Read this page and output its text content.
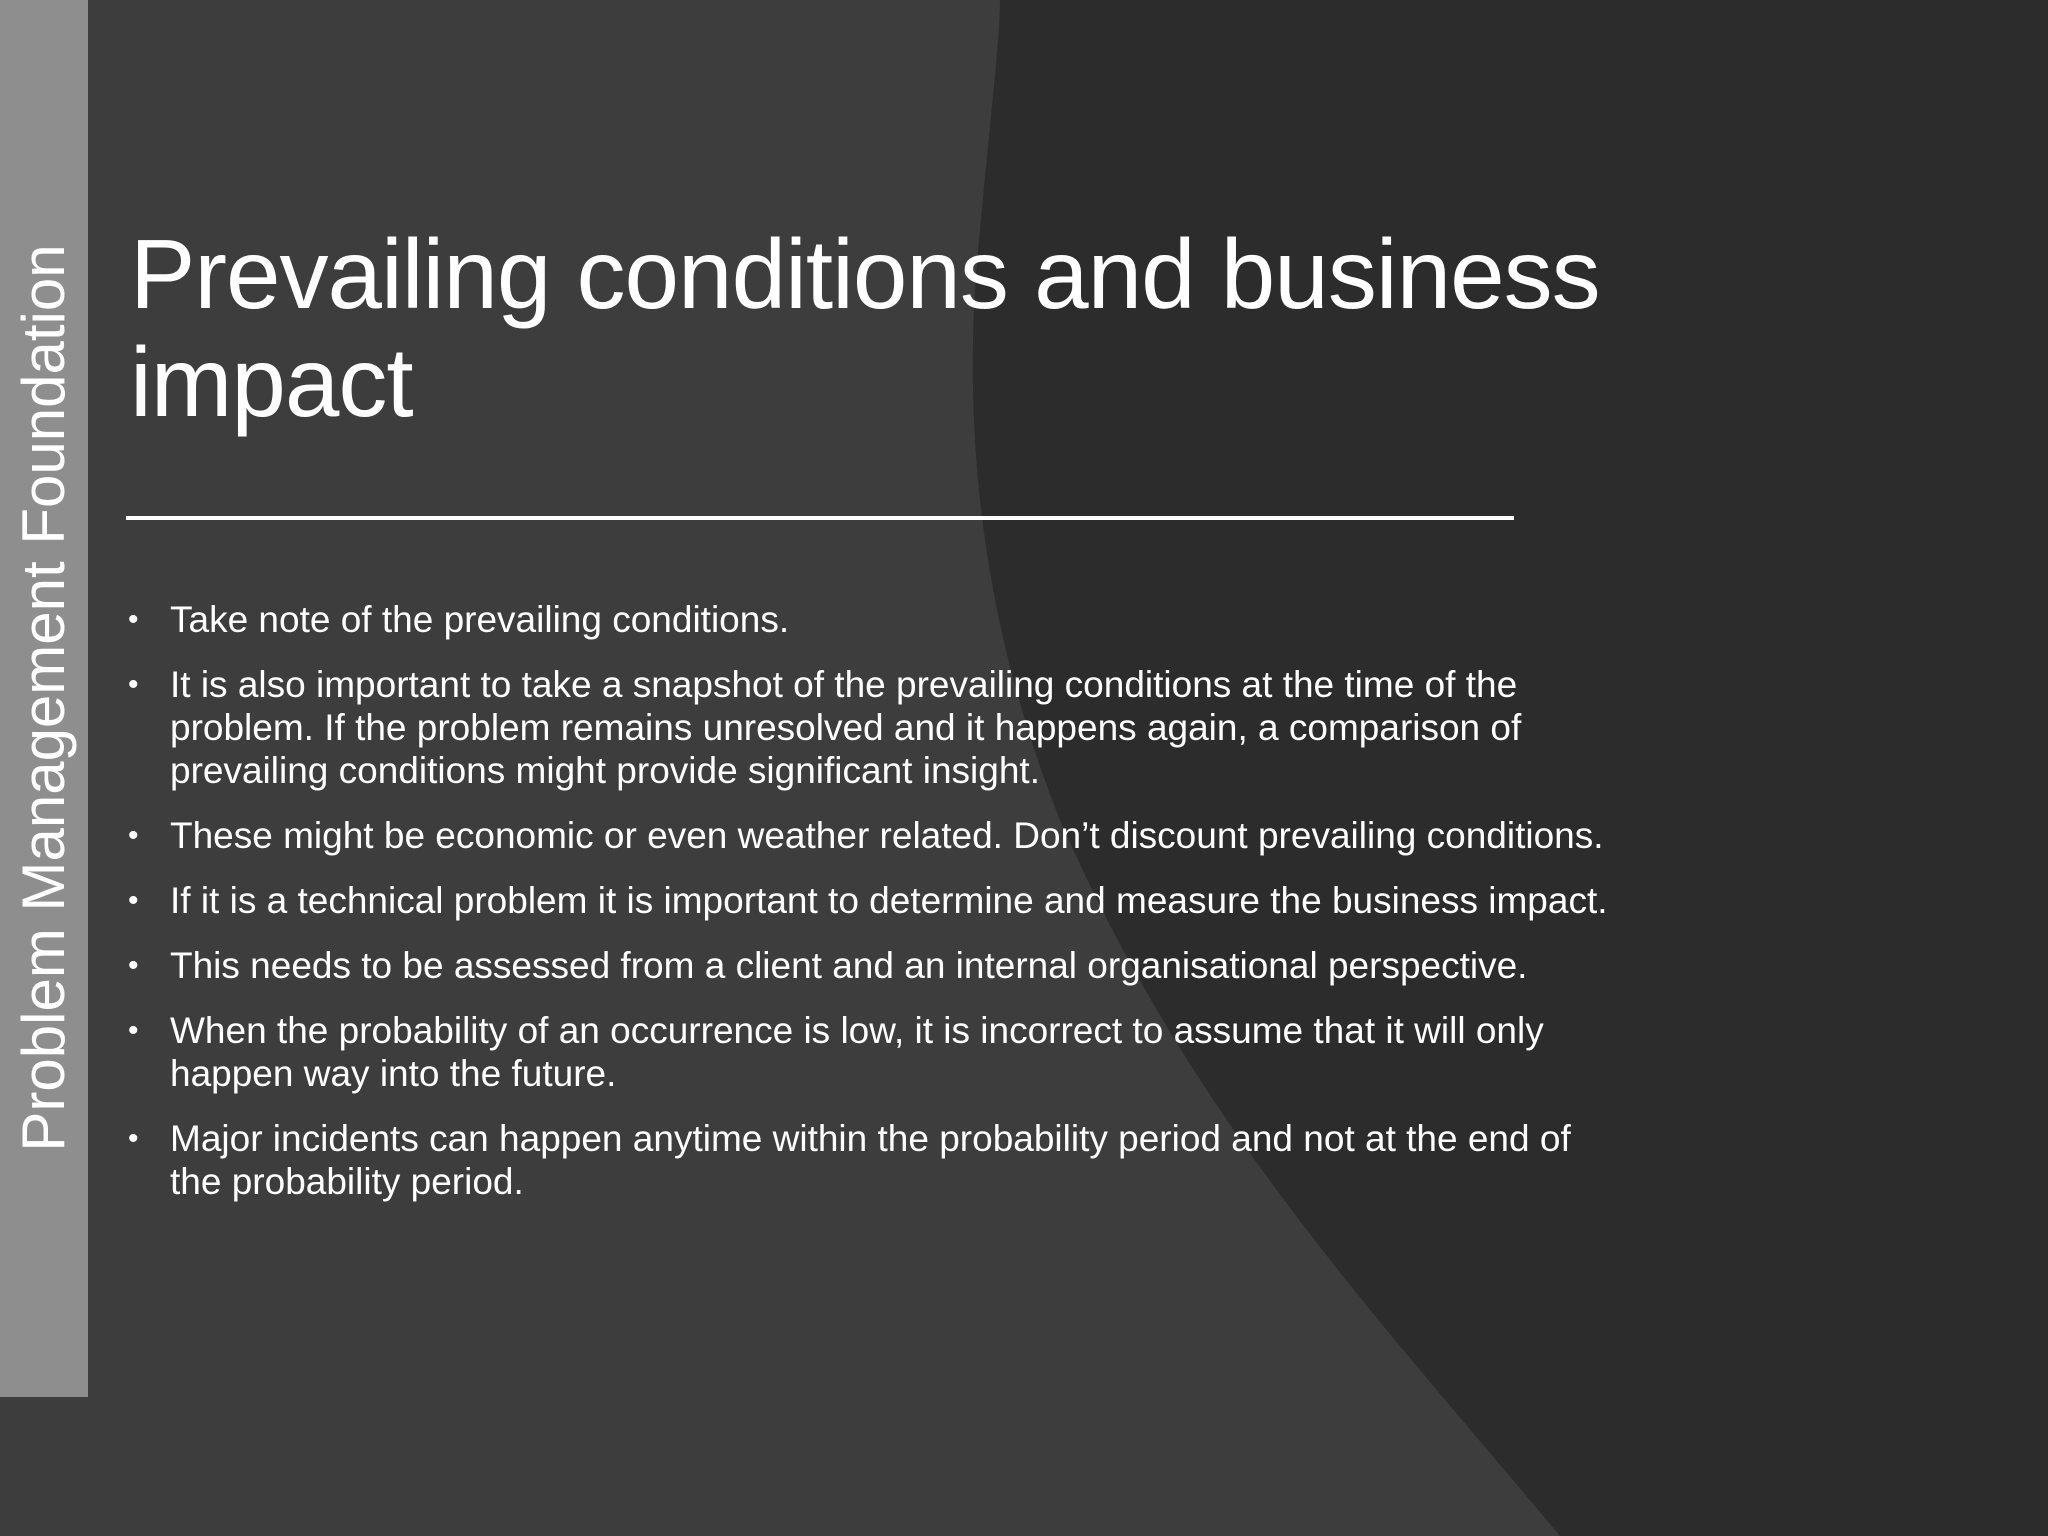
Problem Management Foundation Prevailing conditions and business impact
• Take note of the prevailing conditions.
• It is also important to take a snapshot of the prevailing conditions at the time of the problem. If the problem remains unresolved and it happens again, a comparison of prevailing conditions might provide significant insight.
• These might be economic or even weather related. Don’t discount prevailing conditions.
• If it is a technical problem it is important to determine and measure the business impact.
• This needs to be assessed from a client and an internal organisational perspective.
• When the probability of an occurrence is low, it is incorrect to assume that it will only happen way into the future.
• Major incidents can happen anytime within the probability period and not at the end of the probability period.
